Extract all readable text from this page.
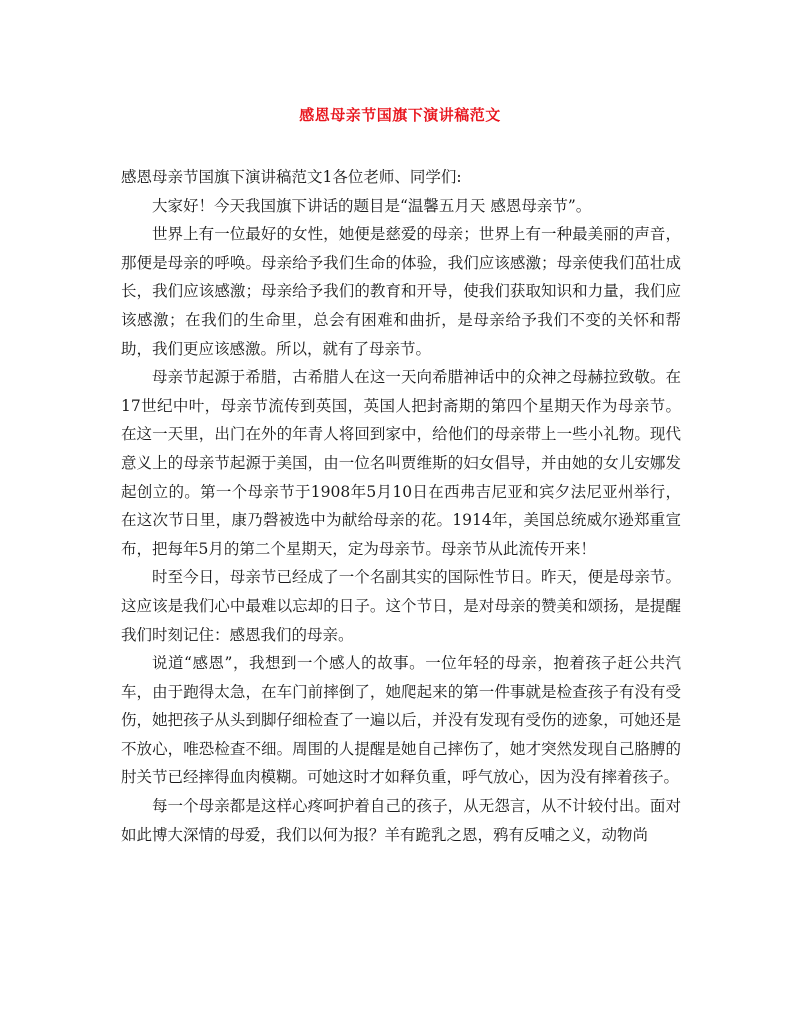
感恩母亲节国旗下演讲稿范文

感恩母亲节国旗下演讲稿范文1各位老师、同学们:

大家好！今天我国旗下讲话的题目是“温馨五月天 感恩母亲节”。

世界上有一位最好的女性，她便是慈爱的母亲；世界上有一种最美丽的声音，那便是母亲的呼唤。母亲给予我们生命的体验，我们应该感激；母亲使我们茁壮成长，我们应该感激；母亲给予我们的教育和开导，使我们获取知识和力量，我们应该感激；在我们的生命里，总会有困难和曲折，是母亲给予我们不变的关怀和帮助，我们更应该感激。所以，就有了母亲节。

母亲节起源于希腊，古希腊人在这一天向希腊神话中的众神之母赫拉致敬。在17世纪中叶，母亲节流传到英国，英国人把封斋期的第四个星期天作为母亲节。在这一天里，出门在外的年青人将回到家中，给他们的母亲带上一些小礼物。现代意义上的母亲节起源于美国，由一位名叫贾维斯的妇女倡导，并由她的女儿安娜发起创立的。第一个母亲节于1908年5月10日在西弗吉尼亚和宾夕法尼亚州举行，在这次节日里，康乃磬被选中为献给母亲的花。1914年，美国总统威尔逊郑重宣布，把每年5月的第二个星期天，定为母亲节。母亲节从此流传开来！

时至今日，母亲节已经成了一个名副其实的国际性节日。昨天，便是母亲节。这应该是我们心中最难以忘却的日子。这个节日，是对母亲的赞美和颂扬，是提醒我们时刻记住：感恩我们的母亲。

说道“感恩”，我想到一个感人的故事。一位年轻的母亲，抱着孩子赶公共汽车，由于跑得太急，在车门前摔倒了，她爬起来的第一件事就是检查孩子有没有受伤，她把孩子从头到脚仔细检查了一遍以后，并没有发现有受伤的迹象，可她还是不放心，唯恐检查不细。周围的人提醒是她自己摔伤了，她才突然发现自己胳膊的肘关节已经摔得血肉模糊。可她这时才如释负重，呼气放心，因为没有摔着孩子。

每一个母亲都是这样心疼呵护着自己的孩子，从无怨言，从不计较付出。面对如此博大深情的母爱，我们以何为报？羊有跪乳之恩，鸦有反哺之义，动物尚
